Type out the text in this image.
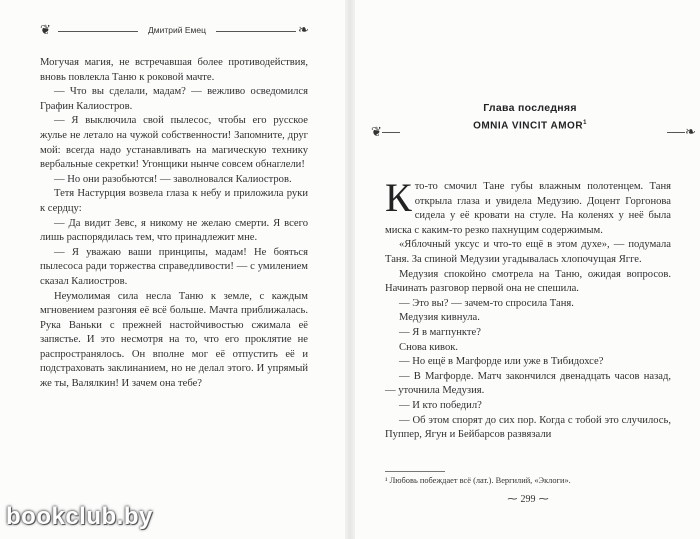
❦	Дмитрий Емец	❧

Могучая магия, не встречавшая более противодействия, вновь повлекла Таню к роковой мачте.

— Что вы сделали, мадам? — вежливо осведомился Графин Калиостров.

— Я выключила свой пылесос, чтобы его русское жулье не летало на чужой собственности! Запомните, друг мой: всегда надо устанавливать на магическую технику вербальные секретки! Угонщики нынче совсем обнаглели!

— Но они разобьются! — заволновался Калиостров.

Тетя Настурция возвела глаза к небу и приложила руки к сердцу:

— Да видит Зевс, я никому не желаю смерти. Я всего лишь распорядилась тем, что принадлежит мне.

— Я уважаю ваши принципы, мадам! Не бояться пылесоса ради торжества справедливости! — с умилением сказал Калиостров.

Неумолимая сила несла Таню к земле, с каждым мгновением разгоняя её всё больше. Мачта приближалась. Рука Ваньки с прежней настойчивостью сжимала её запястье. И это несмотря на то, что его проклятие не распространялось. Он вполне мог её отпустить её и подстраховать заклинанием, но не делал этого. И упрямый же ты, Валялкин! И зачем она тебе?

Глава последняя
OMNIA VINCIT AMOR$^1$
❦	❧

Кто-то смочил Тане губы влажным полотенцем. Таня открыла глаза и увидела Медузию. Доцент Горгонова сидела у её кровати на стуле. На коленях у неё была миска с каким-то резко пахнущим содержимым.

«Яблочный уксус и что-то ещё в этом духе», — подумала Таня. За спиной Медузии угадывалась хлопочущая Ягге.

Медузия спокойно смотрела на Таню, ожидая вопросов. Начинать разговор первой она не спешила.

— Это вы? — зачем-то спросила Таня.

Медузия кивнула.

— Я в магпункте?

Снова кивок.

— Но ещё в Магфорде или уже в Тибидохсе?

— В Магфорде. Матч закончился двенадцать часов назад, — уточнила Медузия.

— И кто победил?

— Об этом спорят до сих пор. Когда с тобой это случилось, Пуппер, Ягун и Бейбарсов развязали

¹ Любовь побеждает всё (лат.). Вергилий, «Эклоги».
⁓ 299 ⁓
bookclub.by
